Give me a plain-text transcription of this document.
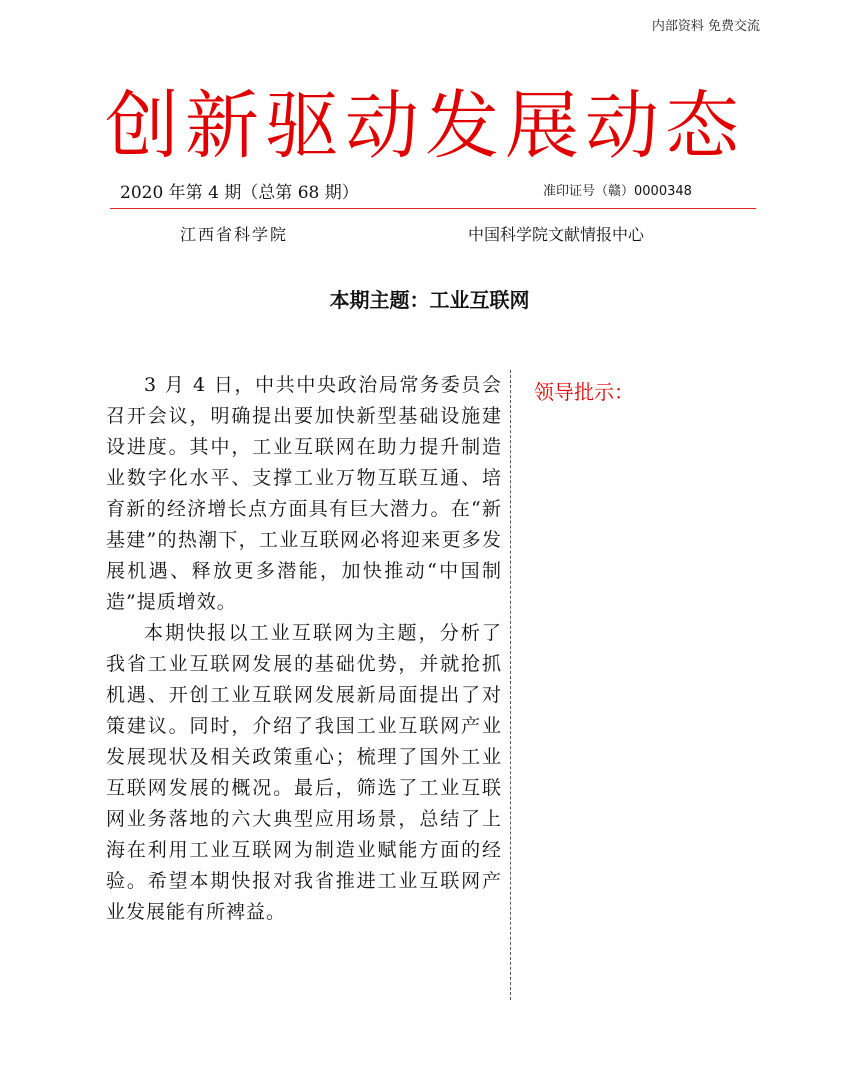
内部资料 免费交流
创新驱动发展动态
2020 年第 4 期（总第 68 期）	准印证号（赣）0000348
江西省科学院	中国科学院文献情报中心
本期主题：工业互联网

3 月 4 日，中共中央政治局常务委员会召开会议，明确提出要加快新型基础设施建设进度。其中，工业互联网在助力提升制造业数字化水平、支撑工业万物互联互通、培育新的经济增长点方面具有巨大潜力。在“新基建”的热潮下，工业互联网必将迎来更多发展机遇、释放更多潜能，加快推动“中国制造”提质增效。

本期快报以工业互联网为主题，分析了我省工业互联网发展的基础优势，并就抢抓机遇、开创工业互联网发展新局面提出了对策建议。同时，介绍了我国工业互联网产业发展现状及相关政策重心；梳理了国外工业互联网发展的概况。最后，筛选了工业互联网业务落地的六大典型应用场景，总结了上海在利用工业互联网为制造业赋能方面的经验。希望本期快报对我省推进工业互联网产业发展能有所裨益。

领导批示：
